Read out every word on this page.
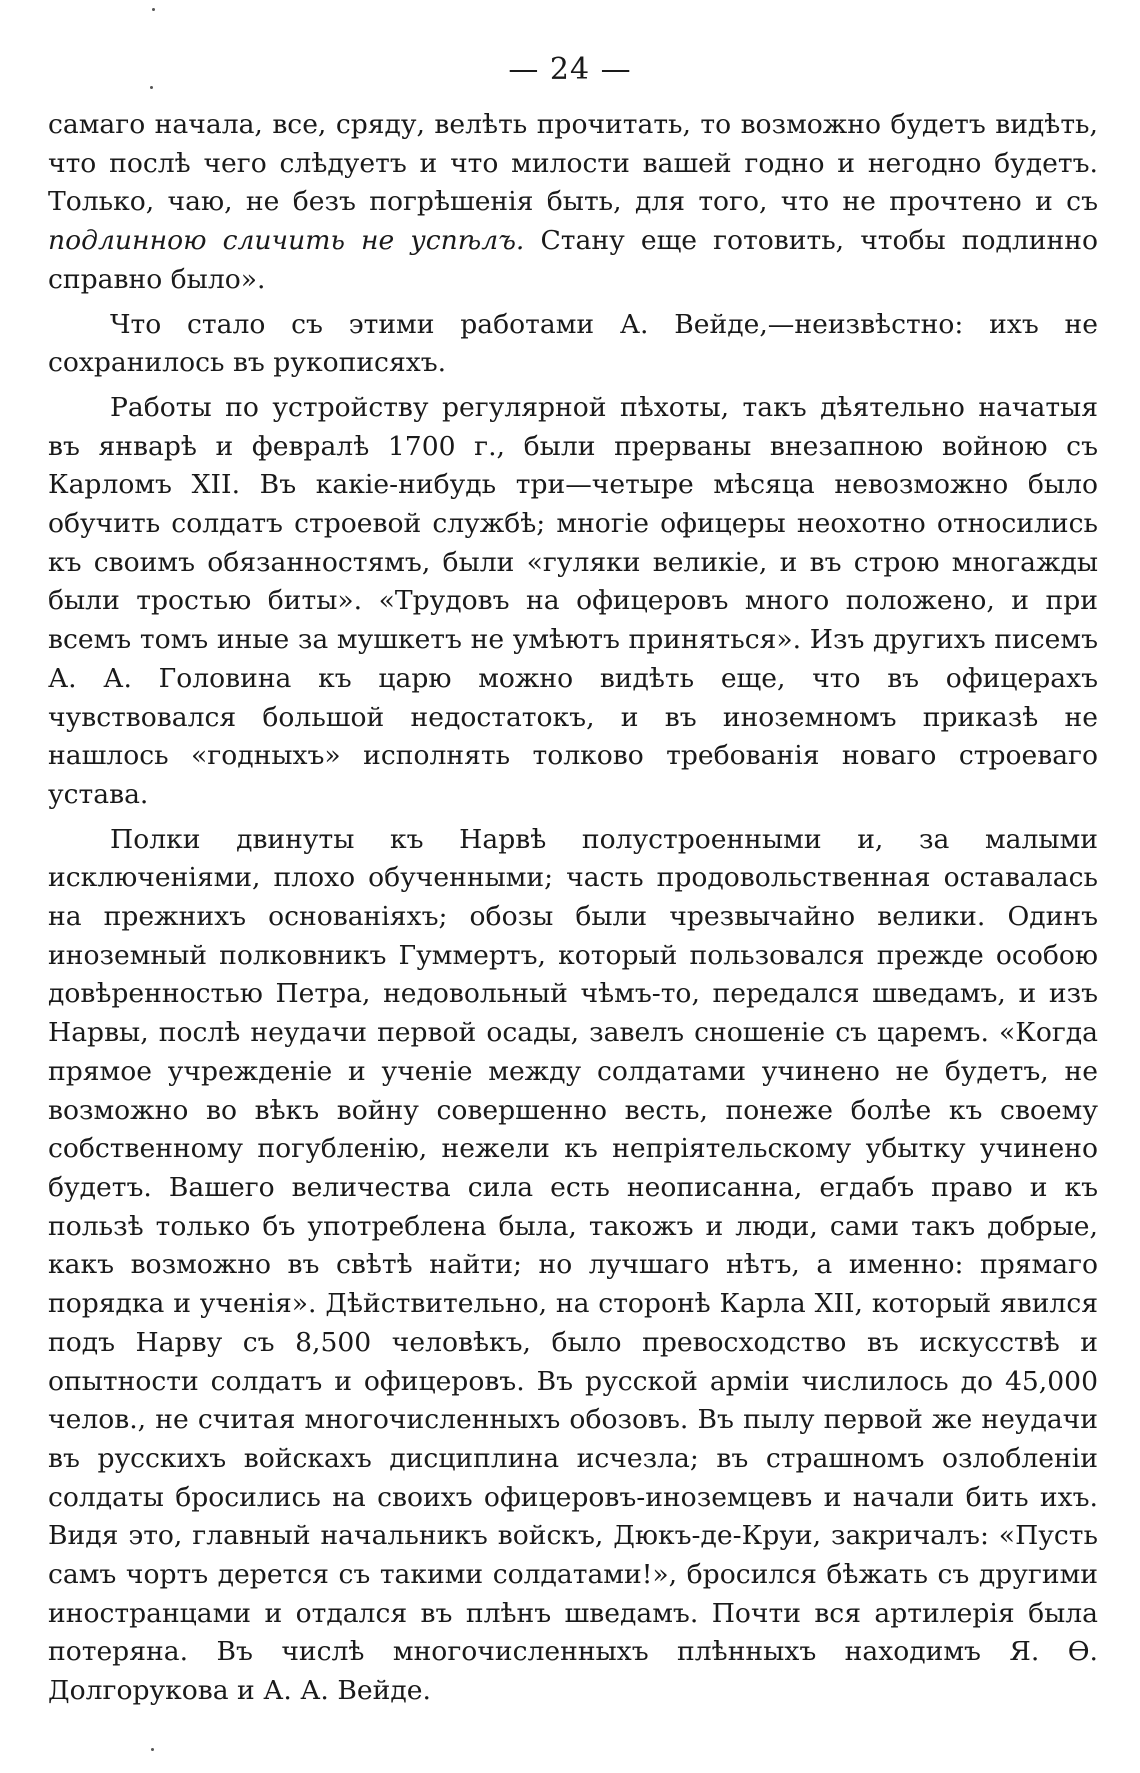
— 24 —

самаго начала, все, сряду, велѣть прочитать, то возможно будетъ видѣть, что послѣ чего слѣдуетъ и что милости вашей годно и негодно будетъ. Только, чаю, не безъ погрѣшенія быть, для того, что не прочтено и съ подлинною сличить не успѣлъ. Стану еще готовить, чтобы подлинно справно было».

Что стало съ этими работами А. Вейде,—неизвѣстно: ихъ не сохранилось въ рукописяхъ.

Работы по устройству регулярной пѣхоты, такъ дѣятельно начатыя въ январѣ и февралѣ 1700 г., были прерваны внезапною войною съ Карломъ XII. Въ какіе-нибудь три—четыре мѣсяца невозможно было обучить солдатъ строевой службѣ; многіе офицеры неохотно относились къ своимъ обязанностямъ, были «гуляки великіе, и въ строю многажды были тростью биты». «Трудовъ на офицеровъ много положено, и при всемъ томъ иные за мушкетъ не умѣютъ приняться». Изъ другихъ писемъ А. А. Головина къ царю можно видѣть еще, что въ офицерахъ чувствовался большой недостатокъ, и въ иноземномъ приказѣ не нашлось «годныхъ» исполнять толково требованія новаго строеваго устава.

Полки двинуты къ Нарвѣ полустроенными и, за малыми исключеніями, плохо обученными; часть продовольственная оставалась на прежнихъ основаніяхъ; обозы были чрезвычайно велики. Одинъ иноземный полковникъ Гуммертъ, который пользовался прежде особою довѣренностью Петра, недовольный чѣмъ-то, передался шведамъ, и изъ Нарвы, послѣ неудачи первой осады, завелъ сношеніе съ царемъ. «Когда прямое учрежденіе и ученіе между солдатами учинено не будетъ, не возможно во вѣкъ войну совершенно весть, понеже болѣе къ своему собственному погубленію, нежели къ непріятельскому убытку учинено будетъ. Вашего величества сила есть неописанна, егдабъ право и къ пользѣ только бъ употреблена была, такожъ и люди, сами такъ добрые, какъ возможно въ свѣтѣ найти; но лучшаго нѣтъ, а именно: прямаго порядка и ученія». Дѣйствительно, на сторонѣ Карла XII, который явился подъ Нарву съ 8,500 человѣкъ, было превосходство въ искусствѣ и опытности солдатъ и офицеровъ. Въ русской арміи числилось до 45,000 челов., не считая многочисленныхъ обозовъ. Въ пылу первой же неудачи въ русскихъ войскахъ дисциплина исчезла; въ страшномъ озлобленіи солдаты бросились на своихъ офицеровъ-иноземцевъ и начали бить ихъ. Видя это, главный начальникъ войскъ, Дюкъ-де-Круи, закричалъ: «Пусть самъ чортъ дерется съ такими солдатами!», бросился бѣжать съ другими иностранцами и отдался въ плѣнъ шведамъ. Почти вся артилерія была потеряна. Въ числѣ многочисленныхъ плѣнныхъ находимъ Я. Ѳ. Долгорукова и А. А. Вейде.
